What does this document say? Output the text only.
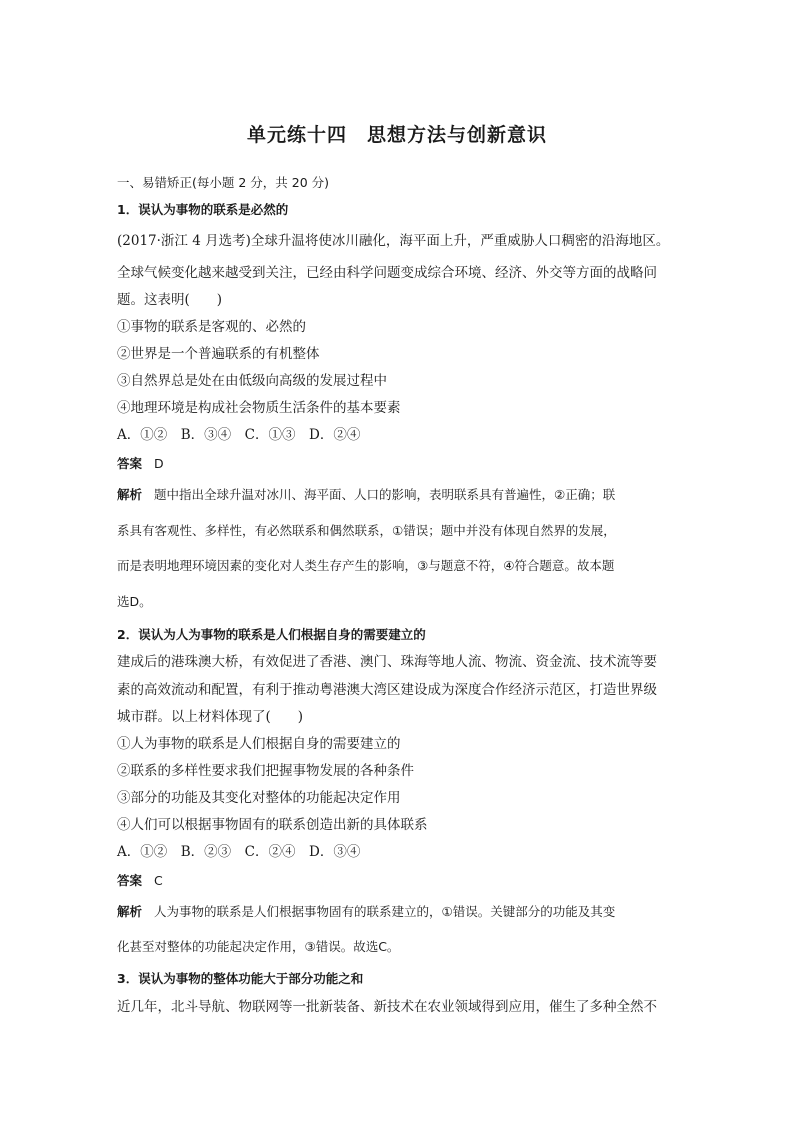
单元练十四　思想方法与创新意识
一、易错矫正(每小题 2 分，共 20 分)
1．误认为事物的联系是必然的
(2017·浙江 4 月选考)全球升温将使冰川融化，海平面上升，严重威胁人口稠密的沿海地区。
全球气候变化越来越受到关注，已经由科学问题变成综合环境、经济、外交等方面的战略问
题。这表明(　　)
①事物的联系是客观的、必然的
②世界是一个普遍联系的有机整体
③自然界总是处在由低级向高级的发展过程中
④地理环境是构成社会物质生活条件的基本要素
A．①②　B．③④　C．①③　D．②④
答案 D
解析 题中指出全球升温对冰川、海平面、人口的影响，表明联系具有普遍性，②正确；联
系具有客观性、多样性，有必然联系和偶然联系，①错误；题中并没有体现自然界的发展，
而是表明地理环境因素的变化对人类生存产生的影响，③与题意不符，④符合题意。故本题
选D。
2．误认为人为事物的联系是人们根据自身的需要建立的
建成后的港珠澳大桥，有效促进了香港、澳门、珠海等地人流、物流、资金流、技术流等要
素的高效流动和配置，有利于推动粤港澳大湾区建设成为深度合作经济示范区，打造世界级
城市群。以上材料体现了(　　)
①人为事物的联系是人们根据自身的需要建立的
②联系的多样性要求我们把握事物发展的各种条件
③部分的功能及其变化对整体的功能起决定作用
④人们可以根据事物固有的联系创造出新的具体联系
A．①②　B．②③　C．②④　D．③④
答案 C
解析 人为事物的联系是人们根据事物固有的联系建立的，①错误。关键部分的功能及其变
化甚至对整体的功能起决定作用，③错误。故选C。
3．误认为事物的整体功能大于部分功能之和
近几年，北斗导航、物联网等一批新装备、新技术在农业领域得到应用，催生了多种全然不
